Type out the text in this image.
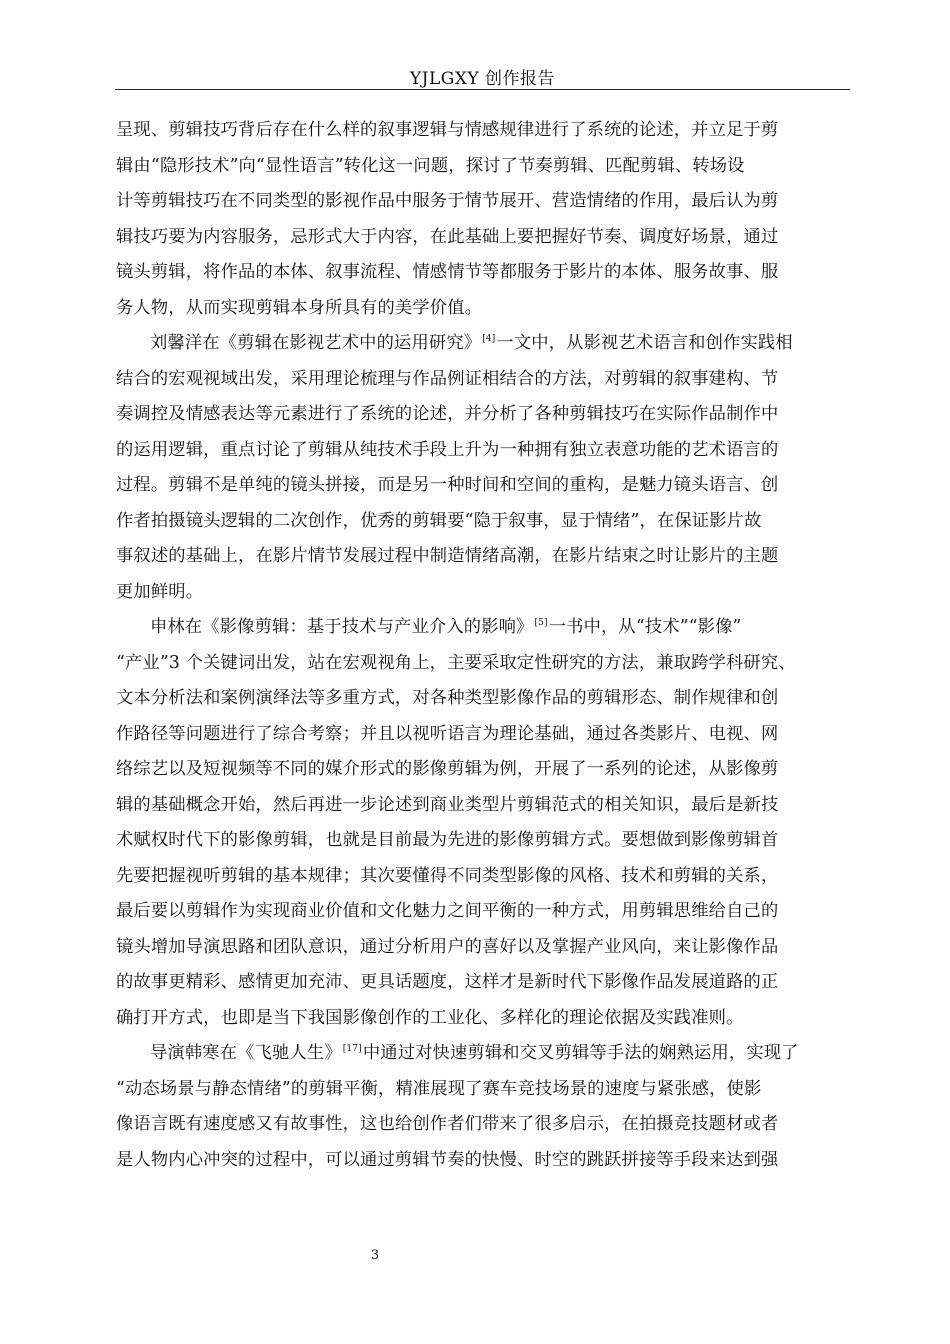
YJLGXY 创作报告
呈现、剪辑技巧背后存在什么样的叙事逻辑与情感规律进行了系统的论述，并立足于剪
辑由“隐形技术”向“显性语言”转化这一问题，探讨了节奏剪辑、匹配剪辑、转场设
计等剪辑技巧在不同类型的影视作品中服务于情节展开、营造情绪的作用，最后认为剪
辑技巧要为内容服务，忌形式大于内容，在此基础上要把握好节奏、调度好场景，通过
镜头剪辑，将作品的本体、叙事流程、情感情节等都服务于影片的本体、服务故事、服
务人物，从而实现剪辑本身所具有的美学价值。
刘馨洋在《剪辑在影视艺术中的运用研究》[4]一文中，从影视艺术语言和创作实践相
结合的宏观视域出发，采用理论梳理与作品例证相结合的方法，对剪辑的叙事建构、节
奏调控及情感表达等元素进行了系统的论述，并分析了各种剪辑技巧在实际作品制作中
的运用逻辑，重点讨论了剪辑从纯技术手段上升为一种拥有独立表意功能的艺术语言的
过程。剪辑不是单纯的镜头拼接，而是另一种时间和空间的重构，是魅力镜头语言、创
作者拍摄镜头逻辑的二次创作，优秀的剪辑要“隐于叙事，显于情绪”，在保证影片故
事叙述的基础上，在影片情节发展过程中制造情绪高潮，在影片结束之时让影片的主题
更加鲜明。
申林在《影像剪辑：基于技术与产业介入的影响》[5]一书中，从“技术”“影像”
“产业”3 个关键词出发，站在宏观视角上，主要采取定性研究的方法，兼取跨学科研究、
文本分析法和案例演绎法等多重方式，对各种类型影像作品的剪辑形态、制作规律和创
作路径等问题进行了综合考察；并且以视听语言为理论基础，通过各类影片、电视、网
络综艺以及短视频等不同的媒介形式的影像剪辑为例，开展了一系列的论述，从影像剪
辑的基础概念开始，然后再进一步论述到商业类型片剪辑范式的相关知识，最后是新技
术赋权时代下的影像剪辑，也就是目前最为先进的影像剪辑方式。要想做到影像剪辑首
先要把握视听剪辑的基本规律；其次要懂得不同类型影像的风格、技术和剪辑的关系，
最后要以剪辑作为实现商业价值和文化魅力之间平衡的一种方式，用剪辑思维给自己的
镜头增加导演思路和团队意识，通过分析用户的喜好以及掌握产业风向，来让影像作品
的故事更精彩、感情更加充沛、更具话题度，这样才是新时代下影像作品发展道路的正
确打开方式，也即是当下我国影像创作的工业化、多样化的理论依据及实践准则。
导演韩寒在《飞驰人生》[17]中通过对快速剪辑和交叉剪辑等手法的娴熟运用，实现了
“动态场景与静态情绪”的剪辑平衡，精准展现了赛车竞技场景的速度与紧张感，使影
像语言既有速度感又有故事性，这也给创作者们带来了很多启示，在拍摄竞技题材或者
是人物内心冲突的过程中，可以通过剪辑节奏的快慢、时空的跳跃拼接等手段来达到强
3
